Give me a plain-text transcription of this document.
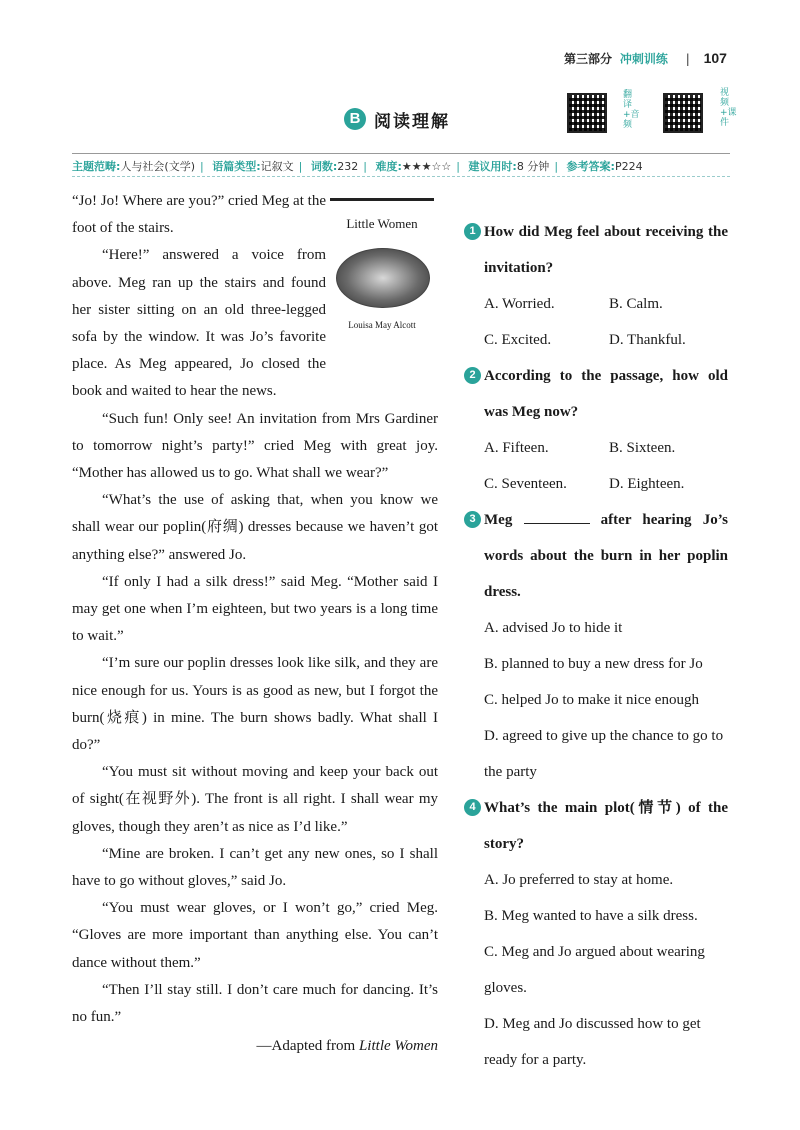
第三部分 冲刺训练 | 107
B 阅读理解
翻译+音频
视频+课件
主题范畴:人与社会(文学) | 语篇类型:记叙文 | 词数:232 | 难度:★★★☆☆ | 建议用时:8 分钟 | 参考答案:P224

“Jo! Jo! Where are you?” cried Meg at the foot of the stairs.

“Here!” answered a voice from above. Meg ran up the stairs and found her sister sitting on an old three-legged sofa by the window. It was Jo’s favorite place. As Meg appeared, Jo closed the book and waited to hear the news.

“Such fun! Only see! An invitation from Mrs Gardiner to tomorrow night’s party!” cried Meg with great joy. “Mother has allowed us to go. What shall we wear?”

“What’s the use of asking that, when you know we shall wear our poplin(府绸) dresses because we haven’t got anything else?” answered Jo.

“If only I had a silk dress!” said Meg. “Mother said I may get one when I’m eighteen, but two years is a long time to wait.”

“I’m sure our poplin dresses look like silk, and they are nice enough for us. Yours is as good as new, but I forgot the burn(烧痕) in mine. The burn shows badly. What shall I do?”

“You must sit without moving and keep your back out of sight(在视野外). The front is all right. I shall wear my gloves, though they aren’t as nice as I’d like.”

“Mine are broken. I can’t get any new ones, so I shall have to go without gloves,” said Jo.

“You must wear gloves, or I won’t go,” cried Meg. “Gloves are more important than anything else. You can’t dance without them.”

“Then I’ll stay still. I don’t care much for dancing. It’s no fun.”

—Adapted from Little Women

Little Women
Louisa May Alcott
1 How did Meg feel about receiving the invitation?
A. Worried.	B. Calm.
C. Excited.	D. Thankful.
2 According to the passage, how old was Meg now?
A. Fifteen.	B. Sixteen.
C. Seventeen.	D. Eighteen.
3 Meg	after hearing Jo’s words about the burn in her poplin dress.
A. advised Jo to hide it
B. planned to buy a new dress for Jo
C. helped Jo to make it nice enough
D. agreed to give up the chance to go to the party
4 What’s the main plot(情节) of the story?
A. Jo preferred to stay at home.
B. Meg wanted to have a silk dress.
C. Meg and Jo argued about wearing gloves.
D. Meg and Jo discussed how to get ready for a party.
